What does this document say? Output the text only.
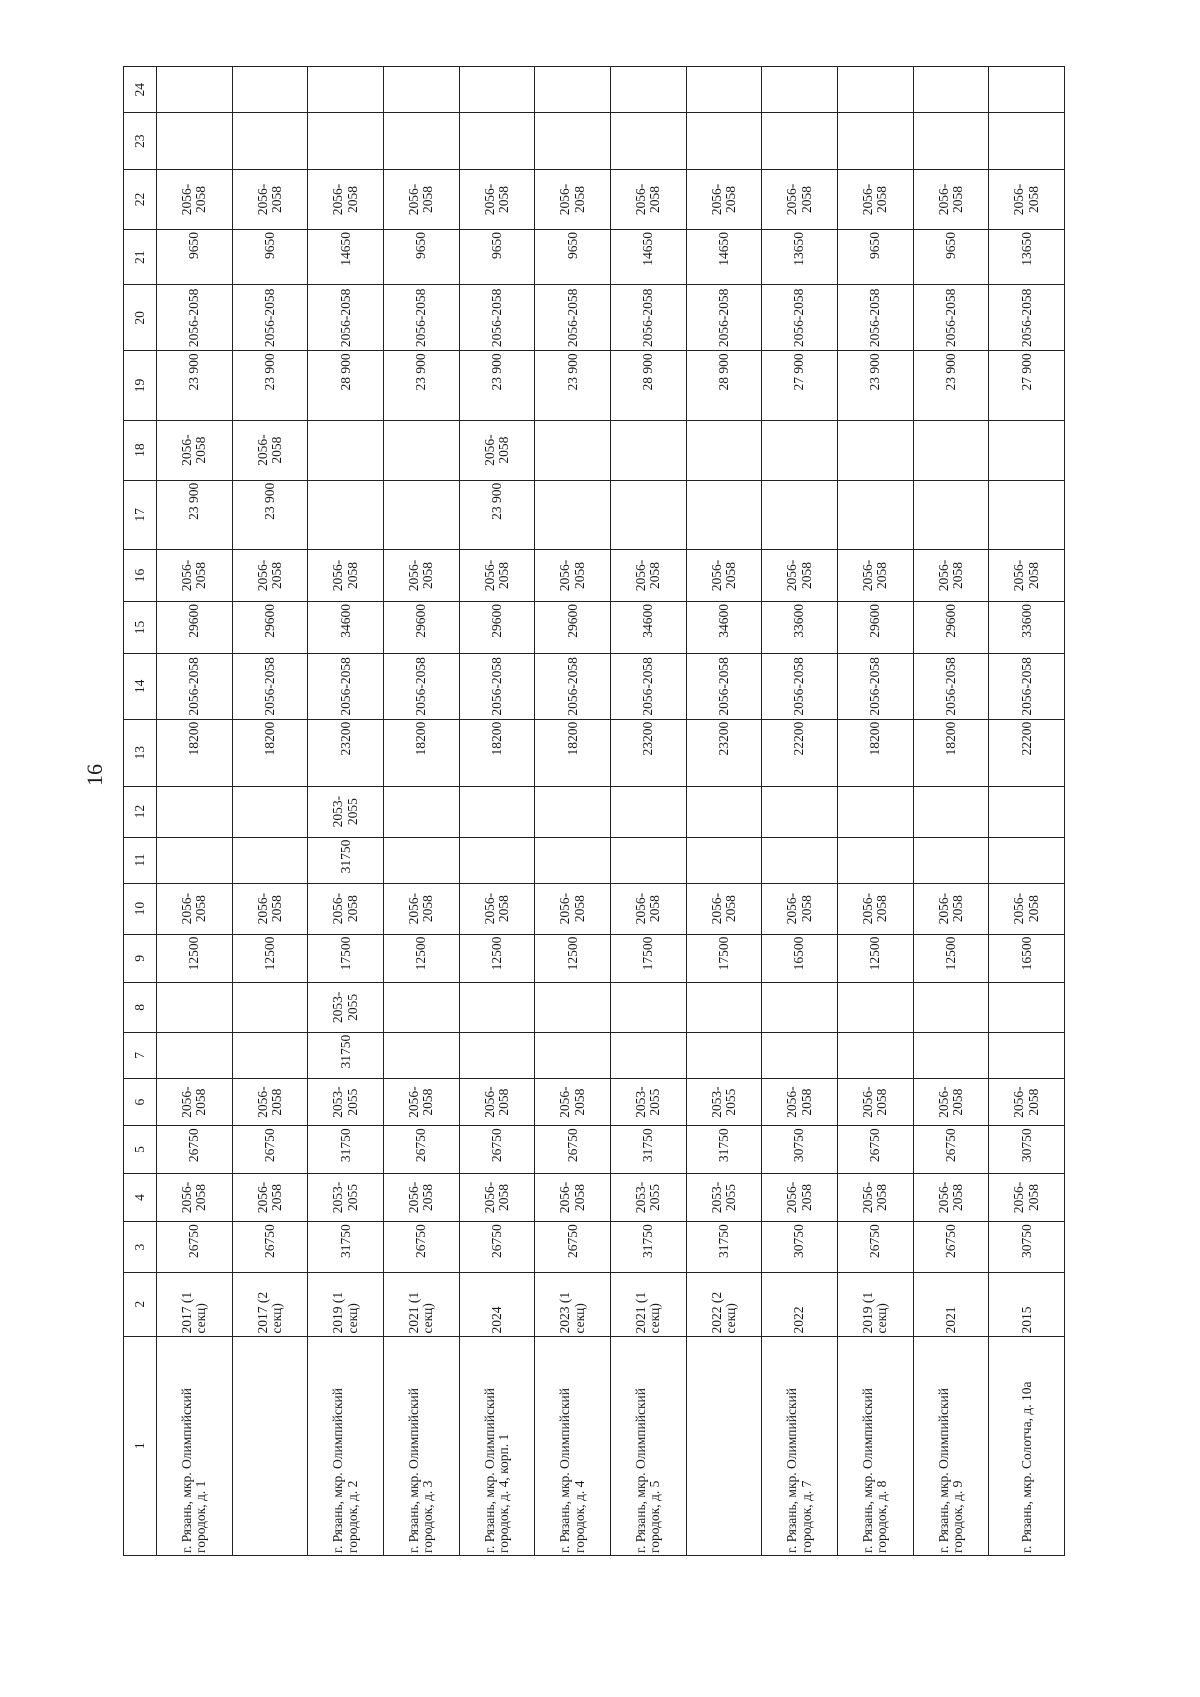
16
1	2	3	4	5	6	7	8	9	10	11	12	13	14	15	16	17	18	19	20	21	22	23	24
г. Рязань, мкр. Олимпийский городок, д. 1	2017 (1 секц)	26750	2056-2058	26750	2056-2058			12500	2056-2058			18200	2056-2058	29600	2056-2058	23 900	2056-2058	23 900	2056-2058	9650	2056-2058		
	2017 (2 секц)	26750	2056-2058	26750	2056-2058			12500	2056-2058			18200	2056-2058	29600	2056-2058	23 900	2056-2058	23 900	2056-2058	9650	2056-2058		
г. Рязань, мкр. Олимпийский городок, д. 2	2019 (1 секц)	31750	2053-2055	31750	2053-2055	31750	2053-2055	17500	2056-2058	31750	2053-2055	23200	2056-2058	34600	2056-2058			28 900	2056-2058	14650	2056-2058		
г. Рязань, мкр. Олимпийский городок, д. 3	2021 (1 секц)	26750	2056-2058	26750	2056-2058			12500	2056-2058			18200	2056-2058	29600	2056-2058			23 900	2056-2058	9650	2056-2058		
г. Рязань, мкр. Олимпийский городок, д. 4, корп. 1	2024	26750	2056-2058	26750	2056-2058			12500	2056-2058			18200	2056-2058	29600	2056-2058	23 900	2056-2058	23 900	2056-2058	9650	2056-2058		
г. Рязань, мкр. Олимпийский городок, д. 4	2023 (1 секц)	26750	2056-2058	26750	2056-2058			12500	2056-2058			18200	2056-2058	29600	2056-2058			23 900	2056-2058	9650	2056-2058		
г. Рязань, мкр. Олимпийский городок, д. 5	2021 (1 секц)	31750	2053-2055	31750	2053-2055			17500	2056-2058			23200	2056-2058	34600	2056-2058			28 900	2056-2058	14650	2056-2058		
	2022 (2 секц)	31750	2053-2055	31750	2053-2055			17500	2056-2058			23200	2056-2058	34600	2056-2058			28 900	2056-2058	14650	2056-2058		
г. Рязань, мкр. Олимпийский городок, д. 7	2022	30750	2056-2058	30750	2056-2058			16500	2056-2058			22200	2056-2058	33600	2056-2058			27 900	2056-2058	13650	2056-2058		
г. Рязань, мкр. Олимпийский городок, д. 8	2019 (1 секц)	26750	2056-2058	26750	2056-2058			12500	2056-2058			18200	2056-2058	29600	2056-2058			23 900	2056-2058	9650	2056-2058		
г. Рязань, мкр. Олимпийский городок, д. 9	2021	26750	2056-2058	26750	2056-2058			12500	2056-2058			18200	2056-2058	29600	2056-2058			23 900	2056-2058	9650	2056-2058		
г. Рязань, мкр. Солотча, д. 10а	2015	30750	2056-2058	30750	2056-2058			16500	2056-2058			22200	2056-2058	33600	2056-2058			27 900	2056-2058	13650	2056-2058		
